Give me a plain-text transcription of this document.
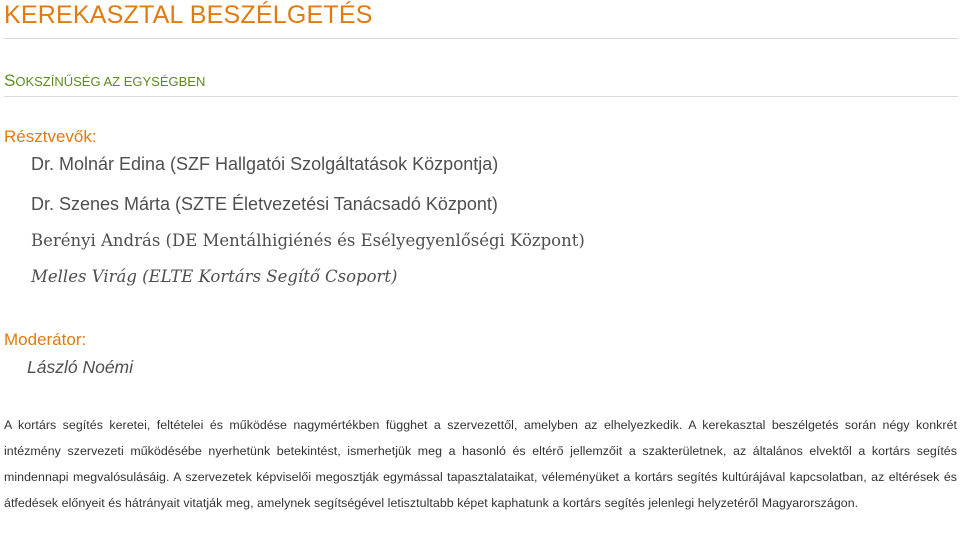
KEREKASZTAL BESZÉLGETÉS
SOKSZÍNŰSÉG AZ EGYSÉGBEN
Résztvevők:
Dr. Molnár Edina (SZF Hallgatói Szolgáltatások Központja)
Dr. Szenes Márta (SZTE Életvezetési Tanácsadó Központ)
Berényi András (DE Mentálhigiénés és Esélyegyenlőségi Központ)
Melles Virág (ELTE Kortárs Segítő Csoport)
Moderátor:
László Noémi
A kortárs segítés keretei, feltételei és működése nagymértékben függhet a szervezettől, amelyben az elhelyezkedik. A kerekasztal beszélgetés során négy konkrét intézmény szervezeti működésébe nyerhetünk betekintést, ismerhetjük meg a hasonló és eltérő jellemzőit a szakterületnek, az általános elvektől a kortárs segítés mindennapi megvalósulásáig. A szervezetek képviselői megosztják egymással tapasztalataikat, véleményüket a kortárs segítés kultúrájával kapcsolatban, az eltérések és átfedések előnyeit és hátrányait vitatják meg, amelynek segítségével letisztultabb képet kaphatunk a kortárs segítés jelenlegi helyzetéről Magyarországon.
